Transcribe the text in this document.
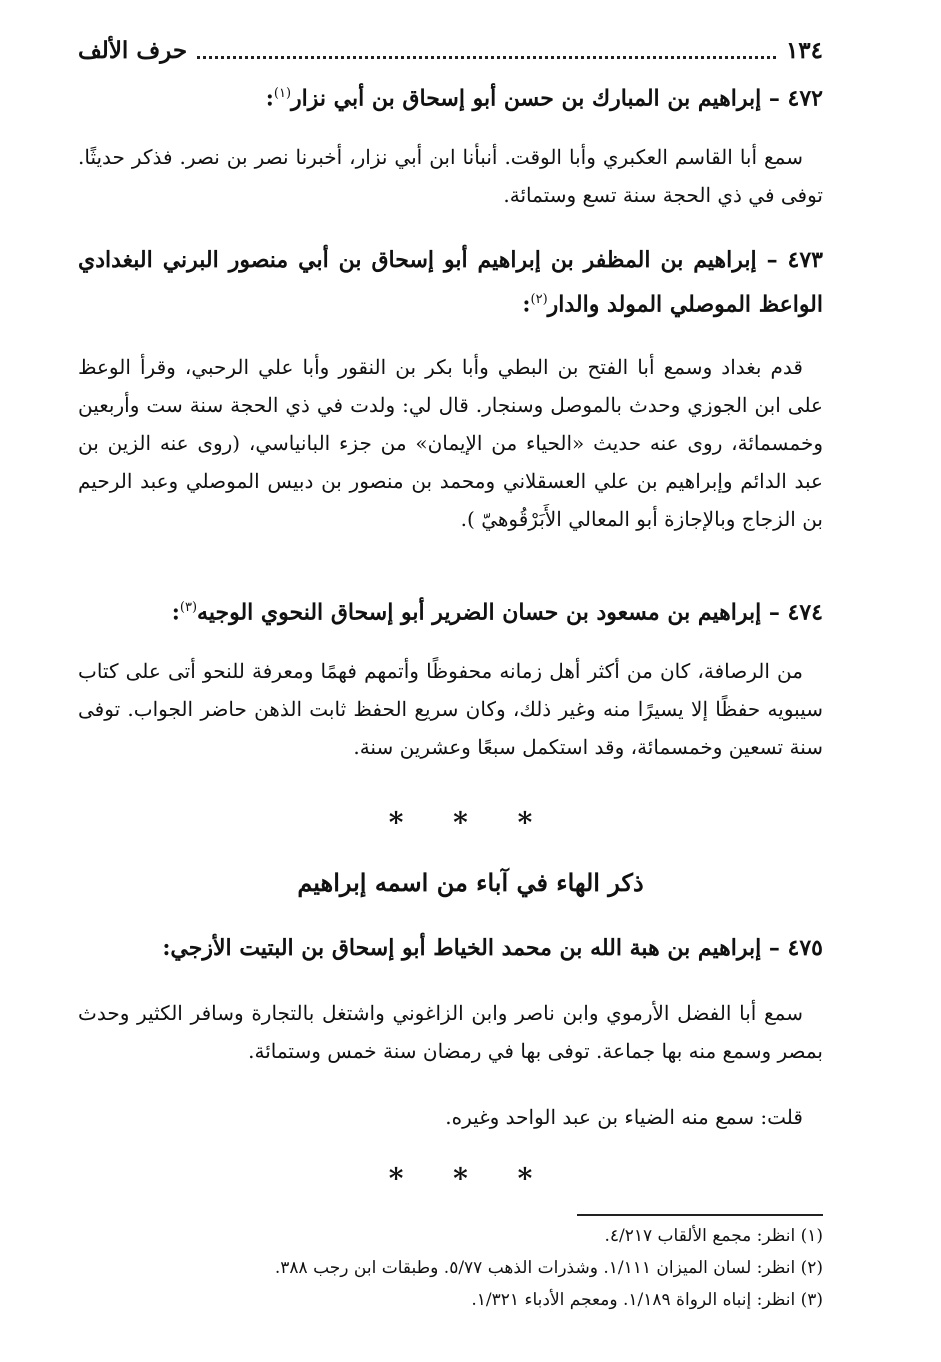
١٣٤
حرف الألف

٤٧٢ – إبراهيم بن المبارك بن حسن أبو إسحاق بن أبي نزار$^{(١)}$:

سمع أبا القاسم العكبري وأبا الوقت. أنبأنا ابن أبي نزار، أخبرنا نصر بن نصر. فذكر حديثًا. توفى في ذي الحجة سنة تسع وستمائة.

٤٧٣ – إبراهيم بن المظفر بن إبراهيم أبو إسحاق بن أبي منصور البرني البغدادي الواعظ الموصلي المولد والدار$^{(٢)}$:

قدم بغداد وسمع أبا الفتح بن البطي وأبا بكر بن النقور وأبا علي الرحبي، وقرأ الوعظ على ابن الجوزي وحدث بالموصل وسنجار. قال لي: ولدت في ذي الحجة سنة ست وأربعين وخمسمائة، روى عنه حديث «الحياء من الإيمان» من جزء البانياسي، (روى عنه الزين بن عبد الدائم وإبراهيم بن علي العسقلاني ومحمد بن منصور بن دبيس الموصلي وعبد الرحيم بن الزجاج وبالإجازة أبو المعالي الأَبَرْقُوهيّ ).

٤٧٤ – إبراهيم بن مسعود بن حسان الضرير أبو إسحاق النحوي الوجيه$^{(٣)}$:

من الرصافة، كان من أكثر أهل زمانه محفوظًا وأتمهم فهمًا ومعرفة للنحو أتى على كتاب سيبويه حفظًا إلا يسيرًا منه وغير ذلك، وكان سريع الحفظ ثابت الذهن حاضر الجواب. توفى سنة تسعين وخمسمائة، وقد استكمل سبعًا وعشرين سنة.

* * *
ذكر الهاء في آباء من اسمه إبراهيم

٤٧٥ – إبراهيم بن هبة الله بن محمد الخياط أبو إسحاق بن البتيت الأزجي:

سمع أبا الفضل الأرموي وابن ناصر وابن الزاغوني واشتغل بالتجارة وسافر الكثير وحدث بمصر وسمع منه بها جماعة. توفى بها في رمضان سنة خمس وستمائة.

قلت: سمع منه الضياء بن عبد الواحد وغيره.

* * *
(١) انظر: مجمع الألقاب ٤/٢١٧.
(٢) انظر: لسان الميزان ١/١١١. وشذرات الذهب ٥/٧٧. وطبقات ابن رجب ٣٨٨.
(٣) انظر: إنباه الرواة ١/١٨٩. ومعجم الأدباء ١/٣٢١.
